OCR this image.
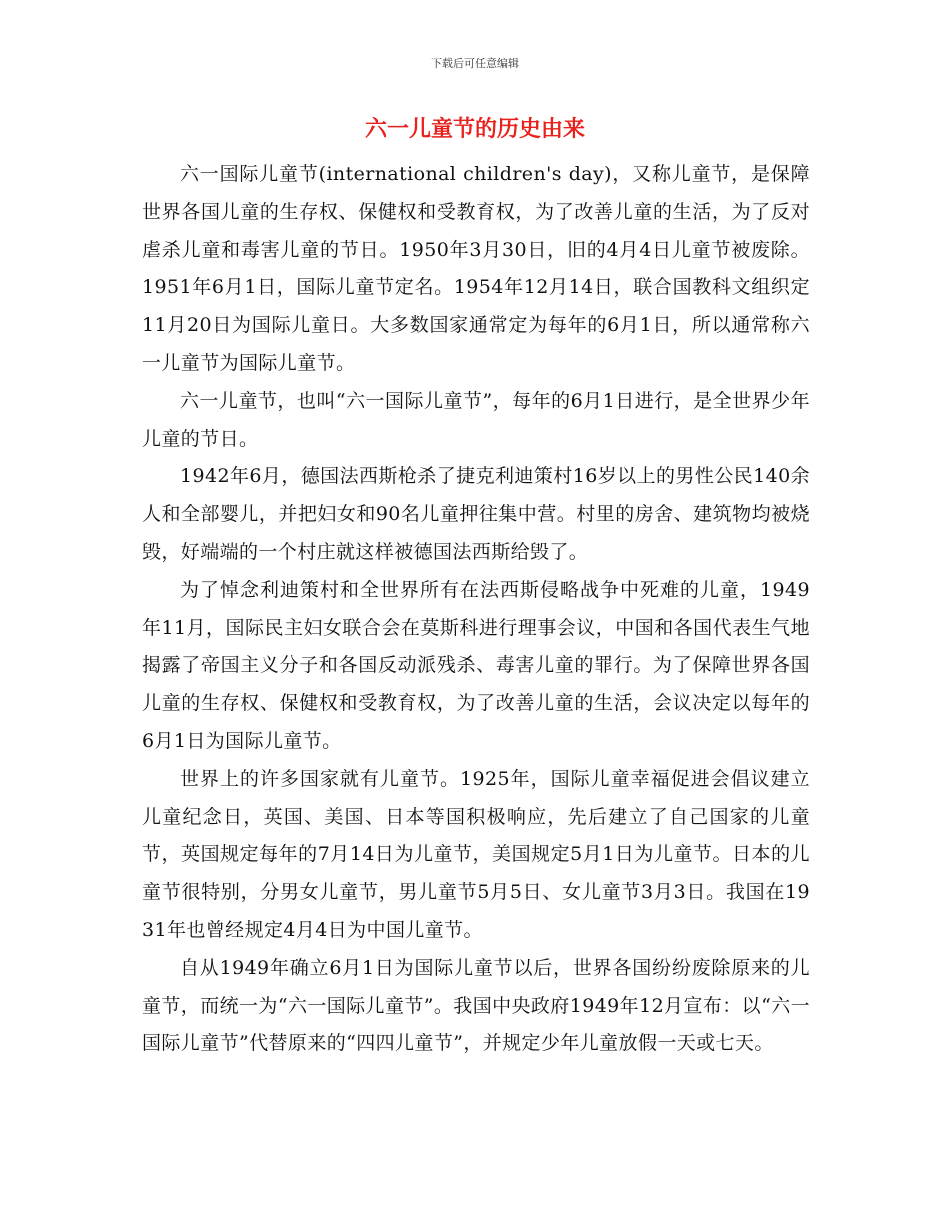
下载后可任意编辑
六一儿童节的历史由来

六一国际儿童节(international children's day)，又称儿童节，是保障世界各国儿童的生存权、保健权和受教育权，为了改善儿童的生活，为了反对虐杀儿童和毒害儿童的节日。1950年3月30日，旧的4月4日儿童节被废除。1951年6月1日，国际儿童节定名。1954年12月14日，联合国教科文组织定11月20日为国际儿童日。大多数国家通常定为每年的6月1日，所以通常称六一儿童节为国际儿童节。

六一儿童节，也叫“六一国际儿童节”，每年的6月1日进行，是全世界少年儿童的节日。

1942年6月，德国法西斯枪杀了捷克利迪策村16岁以上的男性公民140余人和全部婴儿，并把妇女和90名儿童押往集中营。村里的房舍、建筑物均被烧毁，好端端的一个村庄就这样被德国法西斯给毁了。

为了悼念利迪策村和全世界所有在法西斯侵略战争中死难的儿童，1949年11月，国际民主妇女联合会在莫斯科进行理事会议，中国和各国代表生气地揭露了帝国主义分子和各国反动派残杀、毒害儿童的罪行。为了保障世界各国儿童的生存权、保健权和受教育权，为了改善儿童的生活，会议决定以每年的6月1日为国际儿童节。

世界上的许多国家就有儿童节。1925年，国际儿童幸福促进会倡议建立儿童纪念日，英国、美国、日本等国积极响应，先后建立了自己国家的儿童节，英国规定每年的7月14日为儿童节，美国规定5月1日为儿童节。日本的儿童节很特别，分男女儿童节，男儿童节5月5日、女儿童节3月3日。我国在1931年也曾经规定4月4日为中国儿童节。

自从1949年确立6月1日为国际儿童节以后，世界各国纷纷废除原来的儿童节，而统一为“六一国际儿童节”。我国中央政府1949年12月宣布：以“六一国际儿童节”代替原来的“四四儿童节”，并规定少年儿童放假一天或七天。
